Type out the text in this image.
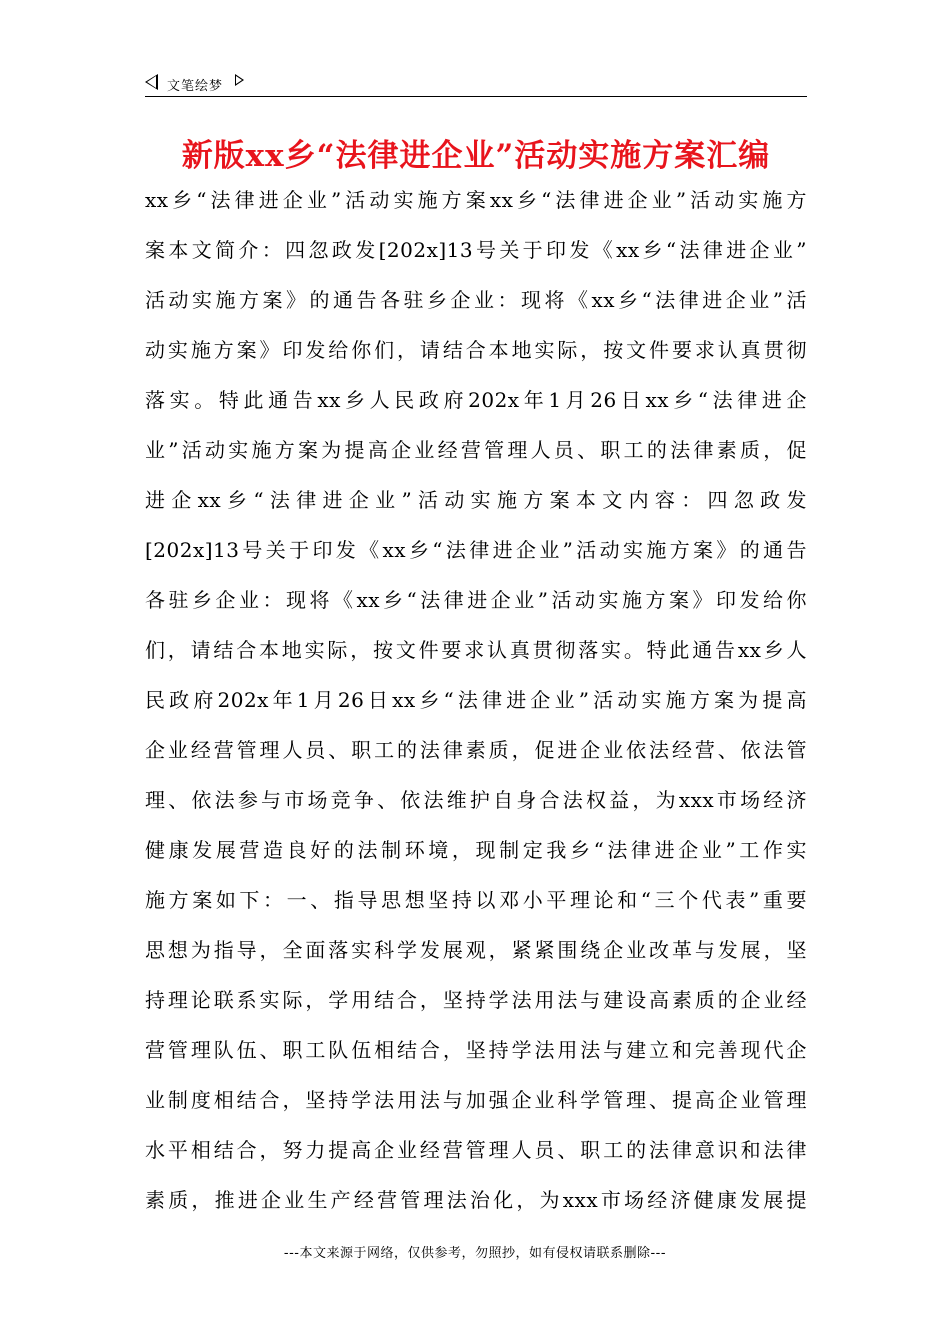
文笔绘梦
新版xx乡“法律进企业”活动实施方案汇编
xx乡“法律进企业”活动实施方案xx乡“法律进企业”活动实施方
案本文简介：四忽政发[202x]13号关于印发《xx乡“法律进企业”
活动实施方案》的通告各驻乡企业：现将《xx乡“法律进企业”活
动实施方案》印发给你们，请结合本地实际，按文件要求认真贯彻
落实。特此通告xx乡人民政府202x年1月26日xx乡“法律进企
业”活动实施方案为提高企业经营管理人员、职工的法律素质，促
进企xx乡“法律进企业”活动实施方案本文内容：四忽政发
[202x]13号关于印发《xx乡“法律进企业”活动实施方案》的通告
各驻乡企业：现将《xx乡“法律进企业”活动实施方案》印发给你
们，请结合本地实际，按文件要求认真贯彻落实。特此通告xx乡人
民政府202x年1月26日xx乡“法律进企业”活动实施方案为提高
企业经营管理人员、职工的法律素质，促进企业依法经营、依法管
理、依法参与市场竞争、依法维护自身合法权益，为xxx市场经济
健康发展营造良好的法制环境，现制定我乡“法律进企业”工作实
施方案如下：一、指导思想坚持以邓小平理论和“三个代表”重要
思想为指导，全面落实科学发展观，紧紧围绕企业改革与发展，坚
持理论联系实际，学用结合，坚持学法用法与建设高素质的企业经
营管理队伍、职工队伍相结合，坚持学法用法与建立和完善现代企
业制度相结合，坚持学法用法与加强企业科学管理、提高企业管理
水平相结合，努力提高企业经营管理人员、职工的法律意识和法律
素质，推进企业生产经营管理法治化，为xxx市场经济健康发展提
---本文来源于网络，仅供参考，勿照抄，如有侵权请联系删除---
